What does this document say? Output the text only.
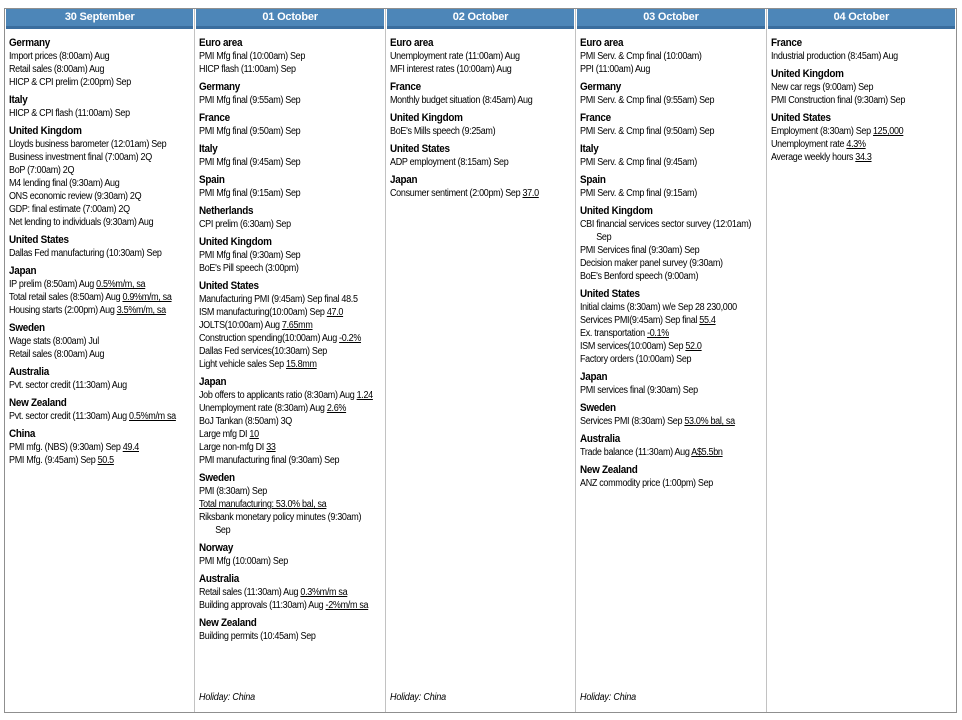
30 September
Germany
Import prices (8:00am) Aug
Retail sales (8:00am) Aug
HICP & CPI prelim (2:00pm) Sep
Italy
HICP & CPI flash (11:00am) Sep
United Kingdom
Lloyds business barometer (12:01am) Sep
Business investment final (7:00am) 2Q
BoP (7:00am) 2Q
M4 lending final (9:30am) Aug
ONS economic review (9:30am) 2Q
GDP: final estimate (7:00am) 2Q
Net lending to individuals (9:30am) Aug
United States
Dallas Fed manufacturing (10:30am) Sep
Japan
IP prelim (8:50am) Aug 0.5%m/m, sa
Total retail sales (8:50am) Aug 0.9%m/m, sa
Housing starts (2:00pm) Aug 3.5%m/m, sa
Sweden
Wage stats (8:00am) Jul
Retail sales (8:00am) Aug
Australia
Pvt. sector credit (11:30am) Aug
New Zealand
Pvt. sector credit (11:30am) Aug 0.5%m/m sa
China
PMI mfg. (NBS) (9:30am) Sep 49.4
PMI Mfg. (9:45am) Sep 50.5
01 October
Euro area
PMI Mfg final (10:00am) Sep
HICP flash (11:00am) Sep
Germany
PMI Mfg final (9:55am) Sep
France
PMI Mfg final (9:50am) Sep
Italy
PMI Mfg final (9:45am) Sep
Spain
PMI Mfg final (9:15am) Sep
Netherlands
CPI prelim (6:30am) Sep
United Kingdom
PMI Mfg final (9:30am) Sep
BoE's Pill speech (3:00pm)
United States
Manufacturing PMI (9:45am) Sep final 48.5
ISM manufacturing(10:00am) Sep 47.0
JOLTS(10:00am) Aug 7.65mm
Construction spending(10:00am) Aug -0.2%
Dallas Fed services(10:30am) Sep
Light vehicle sales Sep 15.8mm
Japan
Job offers to applicants ratio (8:30am) Aug 1.24
Unemployment rate (8:30am) Aug 2.6%
BoJ Tankan (8:50am) 3Q
Large mfg DI 10
Large non-mfg DI 33
PMI manufacturing final (9:30am) Sep
Sweden
PMI (8:30am) Sep
Total manufacturing: 53.0% bal, sa
Riksbank monetary policy minutes (9:30am)
Sep
Norway
PMI Mfg (10:00am) Sep
Australia
Retail sales (11:30am) Aug 0.3%m/m sa
Building approvals (11:30am) Aug -2%m/m sa
New Zealand
Building permits (10:45am) Sep
Holiday: China
02 October
Euro area
Unemployment rate (11:00am) Aug
MFI interest rates (10:00am) Aug
France
Monthly budget situation (8:45am) Aug
United Kingdom
BoE's Mills speech (9:25am)
United States
ADP employment (8:15am) Sep
Japan
Consumer sentiment (2:00pm) Sep 37.0
Holiday: China
03 October
Euro area
PMI Serv. & Cmp final (10:00am)
PPI (11:00am) Aug
Germany
PMI Serv. & Cmp final (9:55am) Sep
France
PMI Serv. & Cmp final (9:50am) Sep
Italy
PMI Serv. & Cmp final (9:45am)
Spain
PMI Serv. & Cmp final (9:15am)
United Kingdom
CBI financial services sector survey (12:01am)
Sep
PMI Services final (9:30am) Sep
Decision maker panel survey (9:30am)
BoE's Benford speech (9:00am)
United States
Initial claims (8:30am) w/e Sep 28 230,000
Services PMI(9:45am) Sep final 55.4
Ex. transportation -0.1%
ISM services(10:00am) Sep 52.0
Factory orders (10:00am) Sep
Japan
PMI services final (9:30am) Sep
Sweden
Services PMI (8:30am) Sep 53.0% bal, sa
Australia
Trade balance (11:30am) Aug A$5.5bn
New Zealand
ANZ commodity price (1:00pm) Sep
Holiday: China
04 October
France
Industrial production (8:45am) Aug
United Kingdom
New car regs (9:00am) Sep
PMI Construction final (9:30am) Sep
United States
Employment (8:30am) Sep 125,000
Unemployment rate 4.3%
Average weekly hours 34.3
